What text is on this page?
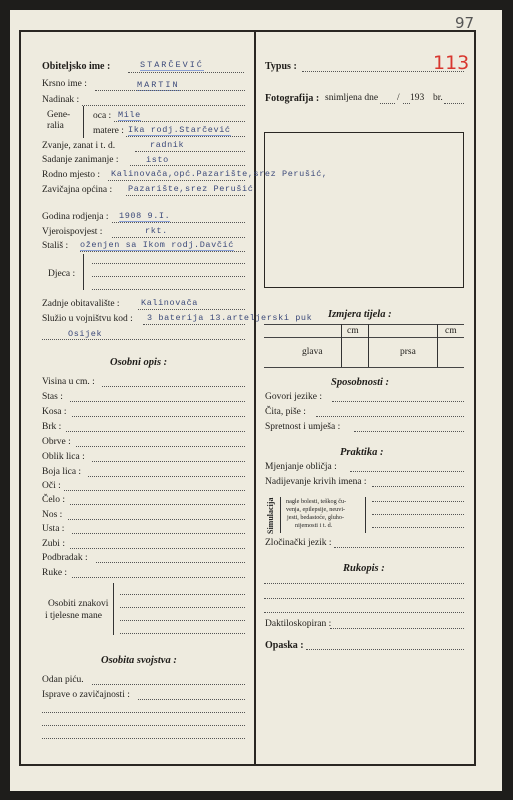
97
113
Obiteljsko ime :	STARČEVIĆ
Krsno ime :	MARTIN
Nadinak :
Gene-
ralia
oca : Mile
matere : Ika rodj.Starčević
Zvanje, zanat i t. d.	radnik
Sadanje zanimanje :	isto
Rodno mjesto : Kalinovača,opć.Pazarište,srez Perušić,
Zavičajna općina : Pazarište,srez Perušić
Godina rodjenja : 1908 9.I.
Vjeroispovjest :	rkt.
Stališ : oženjen sa Ikom rodj.Davčić
Djeca :
Zadnje obitavalište :	Kalinovača
Služio u vojništvu kod : 3 baterija 13.arteljerski puk
Osijek
Osobni opis :
Visina u cm. :
Stas :
Kosa :
Brk :
Obrve :
Oblik lica :
Boja lica :
Oči :
Čelo :
Nos :
Usta :
Zubi :
Podbradak :
Ruke :
Osobiti znakovi
i tjelesne mane
Osobita svojstva :
Odan piću.
Isprave o zavičajnosti :
Typus :
Fotografija : snimljena dne / 193 br.
Izmjera tijela :
cm	cm
glava	prsa
Sposobnosti :
Govori jezike :
Čita, piše :
Spretnost i umješa :
Praktika :
Mjenjanje obličja :
Nadijevanje krivih imena :
Simulacija nagle bolesti, teškog ču-
venja, epilepsije, neuvi-
jesti, bedastoće, gluho-
nijemosti i t. d.
Zločinački jezik :
Rukopis :
Daktiloskopiran :
Opaska :
